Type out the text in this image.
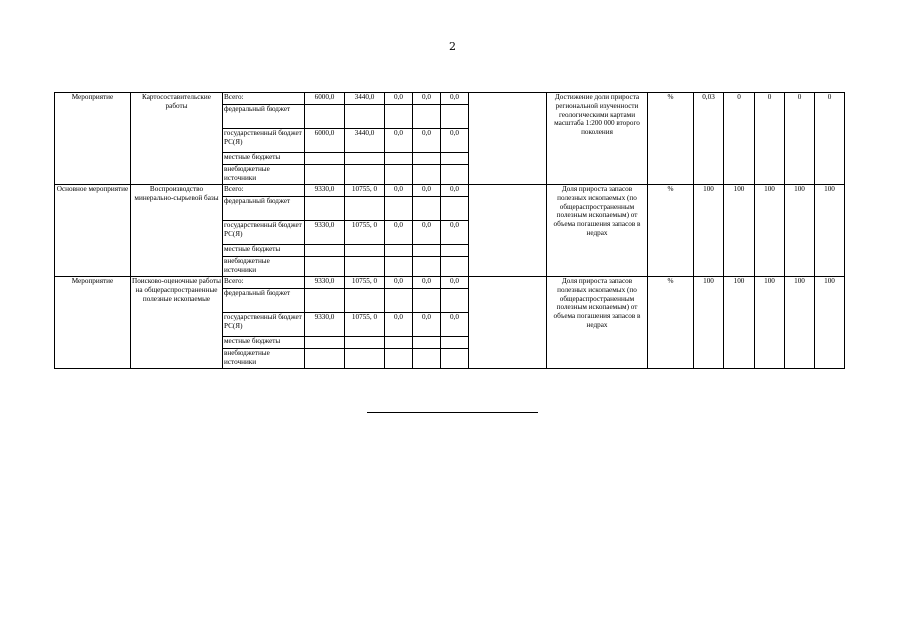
2
Мероприятие	Картосоставительские работы	Всего:	6000,0	3440,0	0,0	0,0	0,0		Достижение доли прироста региональной изученности геологическими картами масштаба 1:200 000 второго поколения	%	0,03	0	0	0	0
		федеральный бюджет													
		государственный бюджет РС(Я)	6000,0	3440,0	0,0	0,0	0,0								
		местные бюджеты													
		внебюджетные источники													
Основное мероприятие	Воспроизводство минерально-сырьевой базы	Всего:	9330,0	10755, 0	0,0	0,0	0,0		Доля прироста запасов полезных ископаемых (по общераспространенным полезным ископаемым) от объема погашения запасов в недрах	%	100	100	100	100	100
		федеральный бюджет													
		государственный бюджет РС(Я)	9330,0	10755, 0	0,0	0,0	0,0								
		местные бюджеты													
		внебюджетные источники													
Мероприятие	Поисково-оценочные работы на общераспространенные полезные ископаемые	Всего:	9330,0	10755, 0	0,0	0,0	0,0		Доля прироста запасов полезных ископаемых (по общераспространенным полезным ископаемым) от объема погашения запасов в недрах	%	100	100	100	100	100
		федеральный бюджет													
		государственный бюджет РС(Я)	9330,0	10755, 0	0,0	0,0	0,0								
		местные бюджеты													
		внебюджетные источники													
